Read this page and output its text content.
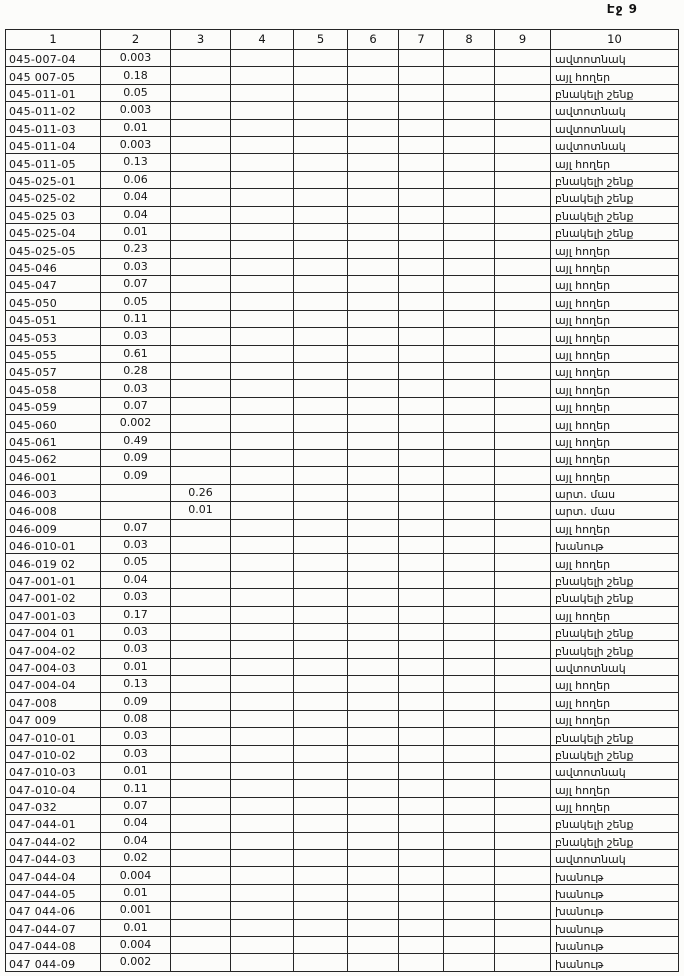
Էջ 9
1	2	3	4	5	6	7	8	9	10
045-007-04	0.003								ավտոտնակ
045 007-05	0.18								այլ հողեր
045-011-01	0.05								բնակելի շենք
045-011-02	0.003								ավտոտնակ
045-011-03	0.01								ավտոտնակ
045-011-04	0.003								ավտոտնակ
045-011-05	0.13								այլ հողեր
045-025-01	0.06								բնակելի շենք
045-025-02	0.04								բնակելի շենք
045-025 03	0.04								բնակելի շենք
045-025-04	0.01								բնակելի շենք
045-025-05	0.23								այլ հողեր
045-046	0.03								այլ հողեր
045-047	0.07								այլ հողեր
045-050	0.05								այլ հողեր
045-051	0.11								այլ հողեր
045-053	0.03								այլ հողեր
045-055	0.61								այլ հողեր
045-057	0.28								այլ հողեր
045-058	0.03								այլ հողեր
045-059	0.07								այլ հողեր
045-060	0.002								այլ հողեր
045-061	0.49								այլ հողեր
045-062	0.09								այլ հողեր
046-001	0.09								այլ հողեր
046-003		0.26							արտ. մաս
046-008		0.01							արտ. մաս
046-009	0.07								այլ հողեր
046-010-01	0.03								խանութ
046-019 02	0.05								այլ հողեր
047-001-01	0.04								բնակելի շենք
047-001-02	0.03								բնակելի շենք
047-001-03	0.17								այլ հողեր
047-004 01	0.03								բնակելի շենք
047-004-02	0.03								բնակելի շենք
047-004-03	0.01								ավտոտնակ
047-004-04	0.13								այլ հողեր
047-008	0.09								այլ հողեր
047 009	0.08								այլ հողեր
047-010-01	0.03								բնակելի շենք
047-010-02	0.03								բնակելի շենք
047-010-03	0.01								ավտոտնակ
047-010-04	0.11								այլ հողեր
047-032	0.07								այլ հողեր
047-044-01	0.04								բնակելի շենք
047-044-02	0.04								բնակելի շենք
047-044-03	0.02								ավտոտնակ
047-044-04	0.004								խանութ
047-044-05	0.01								խանութ
047 044-06	0.001								խանութ
047-044-07	0.01								խանութ
047-044-08	0.004								խանութ
047 044-09	0.002								խանութ
